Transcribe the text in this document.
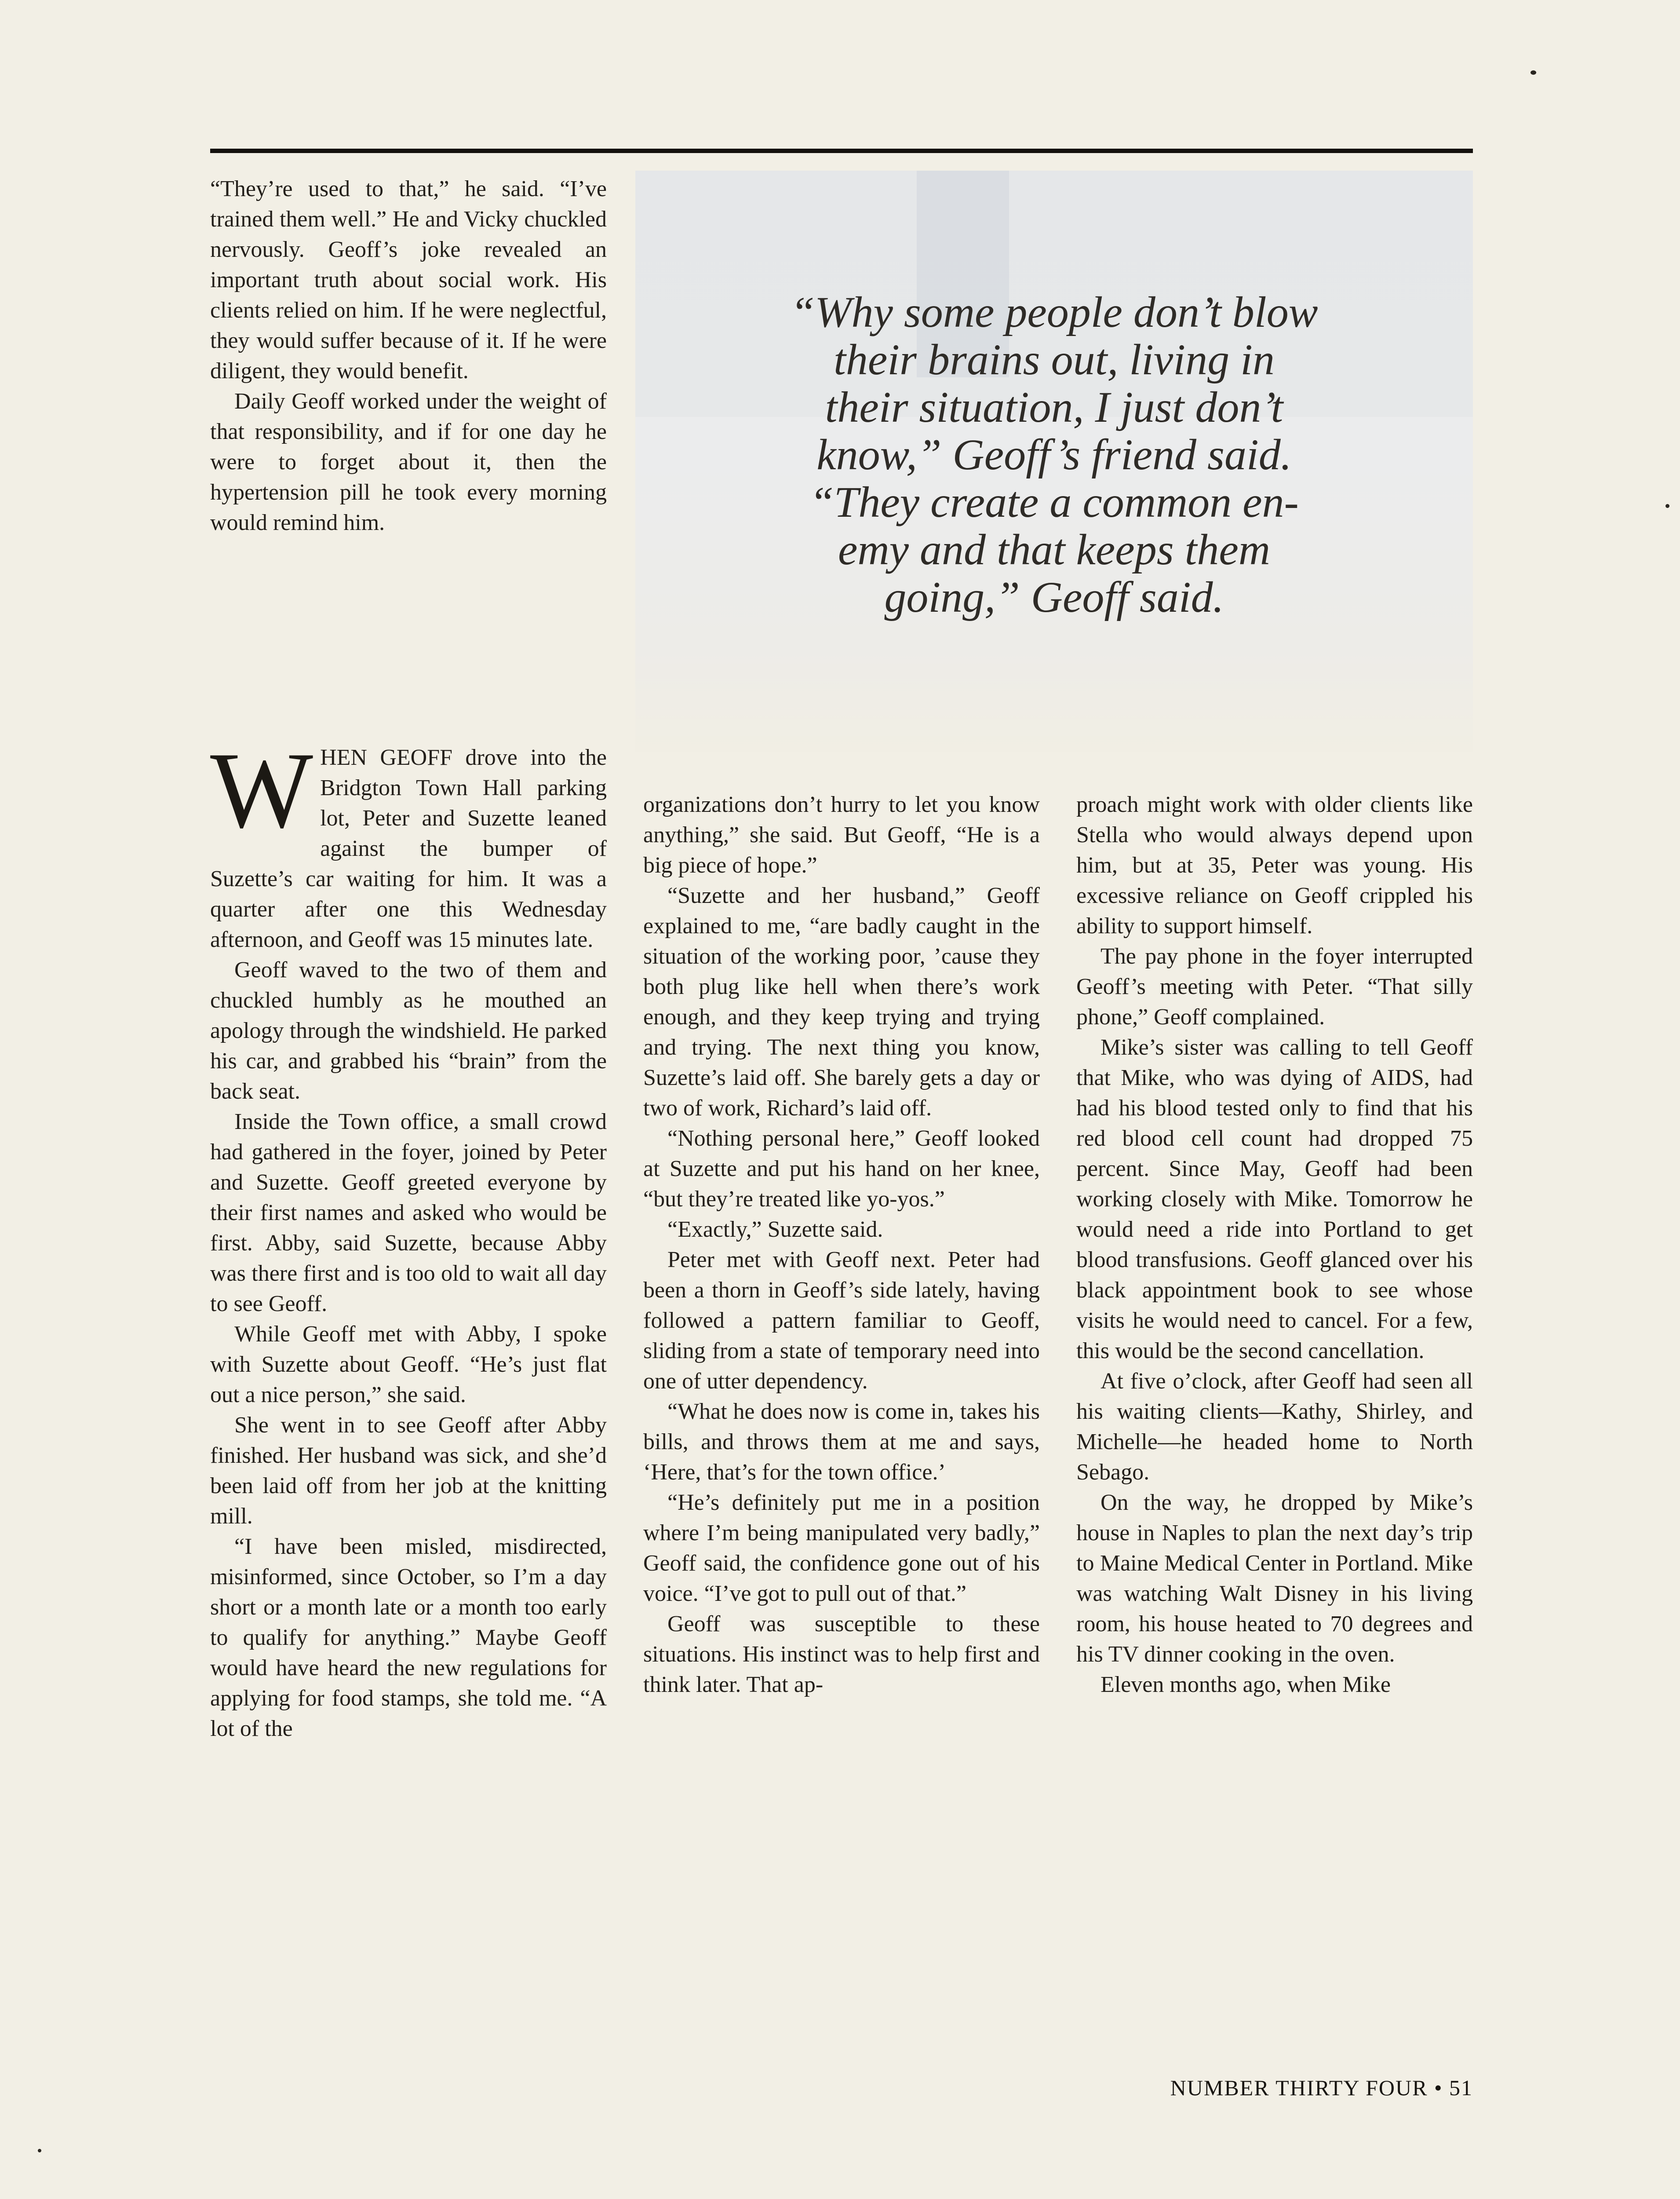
“They’re used to that,” he said. “I’ve trained them well.” He and Vicky chuckled nervously. Geoff’s joke revealed an important truth about social work. His clients relied on him. If he were neglectful, they would suffer because of it. If he were diligent, they would benefit.

Daily Geoff worked under the weight of that responsibility, and if for one day he were to forget about it, then the hypertension pill he took every morning would remind him.

“Why some people don’t blow
their brains out, living in
their situation, I just don’t
know,” Geoff’s friend said.
“They create a common en-
emy and that keeps them
going,” Geoff said.

WHEN GEOFF drove into the Bridgton Town Hall parking lot, Peter and Suzette leaned against the bumper of Suzette’s car waiting for him. It was a quarter after one this Wednesday afternoon, and Geoff was 15 minutes late.

Geoff waved to the two of them and chuckled humbly as he mouthed an apology through the windshield. He parked his car, and grabbed his “brain” from the back seat.

Inside the Town office, a small crowd had gathered in the foyer, joined by Peter and Suzette. Geoff greeted everyone by their first names and asked who would be first. Abby, said Suzette, because Abby was there first and is too old to wait all day to see Geoff.

While Geoff met with Abby, I spoke with Suzette about Geoff. “He’s just flat out a nice person,” she said.

She went in to see Geoff after Abby finished. Her husband was sick, and she’d been laid off from her job at the knitting mill.

“I have been misled, misdirected, misinformed, since October, so I’m a day short or a month late or a month too early to qualify for anything.” Maybe Geoff would have heard the new regulations for applying for food stamps, she told me. “A lot of the

organizations don’t hurry to let you know anything,” she said. But Geoff, “He is a big piece of hope.”

“Suzette and her husband,” Geoff explained to me, “are badly caught in the situation of the working poor, ’cause they both plug like hell when there’s work enough, and they keep trying and trying and trying. The next thing you know, Suzette’s laid off. She barely gets a day or two of work, Richard’s laid off.

“Nothing personal here,” Geoff looked at Suzette and put his hand on her knee, “but they’re treated like yo-yos.”

“Exactly,” Suzette said.

Peter met with Geoff next. Peter had been a thorn in Geoff’s side lately, having followed a pattern familiar to Geoff, sliding from a state of temporary need into one of utter dependency.

“What he does now is come in, takes his bills, and throws them at me and says, ‘Here, that’s for the town office.’

“He’s definitely put me in a position where I’m being manipulated very badly,” Geoff said, the confidence gone out of his voice. “I’ve got to pull out of that.”

Geoff was susceptible to these situations. His instinct was to help first and think later. That ap-

proach might work with older clients like Stella who would always depend upon him, but at 35, Peter was young. His excessive reliance on Geoff crippled his ability to support himself.

The pay phone in the foyer interrupted Geoff’s meeting with Peter. “That silly phone,” Geoff complained.

Mike’s sister was calling to tell Geoff that Mike, who was dying of AIDS, had had his blood tested only to find that his red blood cell count had dropped 75 percent. Since May, Geoff had been working closely with Mike. Tomorrow he would need a ride into Portland to get blood transfusions. Geoff glanced over his black appointment book to see whose visits he would need to cancel. For a few, this would be the second cancellation.

At five o’clock, after Geoff had seen all his waiting clients—Kathy, Shirley, and Michelle—he headed home to North Sebago.

On the way, he dropped by Mike’s house in Naples to plan the next day’s trip to Maine Medical Center in Portland. Mike was watching Walt Disney in his living room, his house heated to 70 degrees and his TV dinner cooking in the oven.

Eleven months ago, when Mike

NUMBER THIRTY FOUR • 51
